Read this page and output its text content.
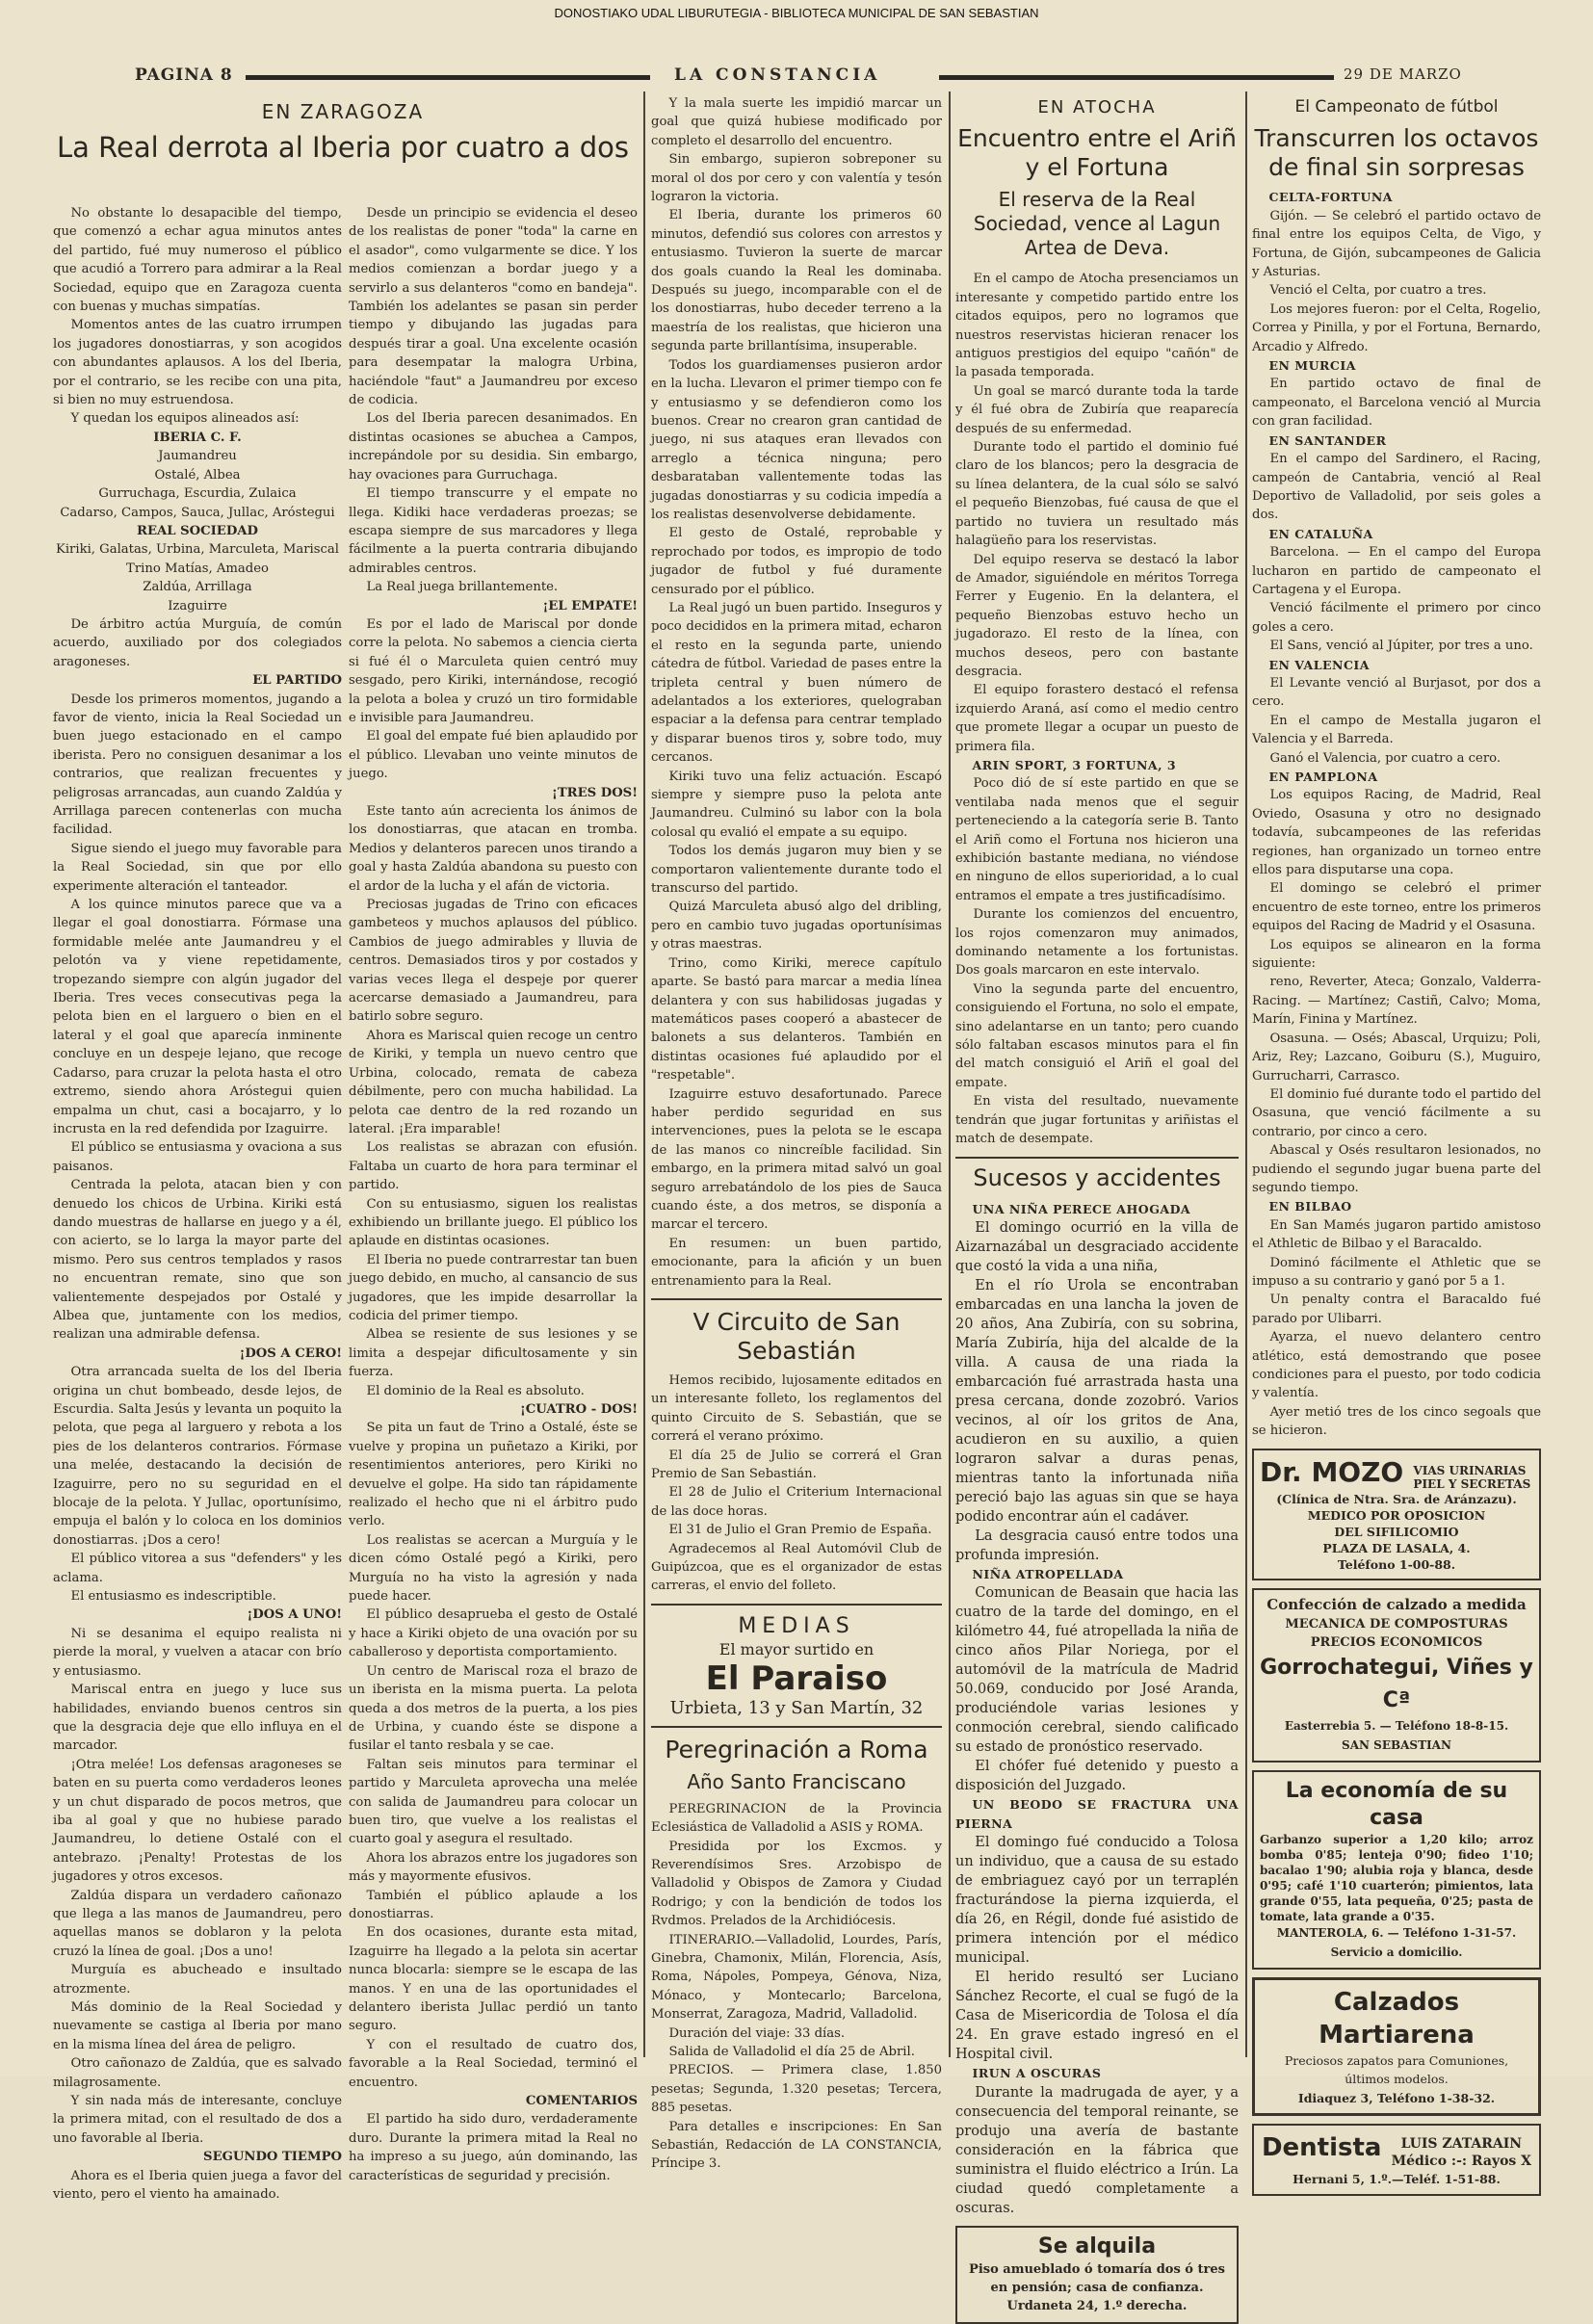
DONOSTIAKO UDAL LIBURUTEGIA - BIBLIOTECA MUNICIPAL DE SAN SEBASTIAN
PAGINA 8	LA CONSTANCIA	29 DE MARZO
EN ZARAGOZA
La Real derrota al Iberia por cuatro a dos

No obstante lo desapacible del tiempo, que comenzó a echar agua minutos antes del partido, fué muy numeroso el público que acudió a Torrero para admirar a la Real Sociedad, equipo que en Zaragoza cuenta con buenas y muchas simpatías.

Momentos antes de las cuatro irrumpen los jugadores donostiarras, y son acogidos con abundantes aplausos. A los del Iberia, por el contrario, se les recibe con una pita, si bien no muy estruendosa.

Y quedan los equipos alineados así:

IBERIA C. F.

Jaumandreu

Ostalé, Albea

Gurruchaga, Escurdia, Zulaica

Cadarso, Campos, Sauca, Jullac, Aróstegui

REAL SOCIEDAD

Kiriki, Galatas, Urbina, Marculeta, Mariscal

Trino Matías, Amadeo

Zaldúa, Arrillaga

Izaguirre

De árbitro actúa Murguía, de común acuerdo, auxiliado por dos colegiados aragoneses.

EL PARTIDO

Desde los primeros momentos, jugando a favor de viento, inicia la Real Sociedad un buen juego estacionado en el campo iberista. Pero no consiguen desanimar a los contrarios, que realizan frecuentes y peligrosas arrancadas, aun cuando Zaldúa y Arrillaga parecen contenerlas con mucha facilidad.

Sigue siendo el juego muy favorable para la Real Sociedad, sin que por ello experimente alteración el tanteador.

A los quince minutos parece que va a llegar el goal donostiarra. Fórmase una formidable melée ante Jaumandreu y el pelotón va y viene repetidamente, tropezando siempre con algún jugador del Iberia. Tres veces consecutivas pega la pelota bien en el larguero o bien en el lateral y el goal que aparecía inminente concluye en un despeje lejano, que recoge Cadarso, para cruzar la pelota hasta el otro extremo, siendo ahora Aróstegui quien empalma un chut, casi a bocajarro, y lo incrusta en la red defendida por Izaguirre.

El público se entusiasma y ovaciona a sus paisanos.

Centrada la pelota, atacan bien y con denuedo los chicos de Urbina. Kiriki está dando muestras de hallarse en juego y a él, con acierto, se lo larga la mayor parte del mismo. Pero sus centros templados y rasos no encuentran remate, sino que son valientemente despejados por Ostalé y Albea que, juntamente con los medios, realizan una admirable defensa.

¡DOS A CERO!

Otra arrancada suelta de los del Iberia origina un chut bombeado, desde lejos, de Escurdia. Salta Jesús y levanta un poquito la pelota, que pega al larguero y rebota a los pies de los delanteros contrarios. Fórmase una melée, destacando la decisión de Izaguirre, pero no su seguridad en el blocaje de la pelota. Y Jullac, oportunísimo, empuja el balón y lo coloca en los dominios donostiarras. ¡Dos a cero!

El público vitorea a sus "defenders" y les aclama.

El entusiasmo es indescriptible.

¡DOS A UNO!

Ni se desanima el equipo realista ni pierde la moral, y vuelven a atacar con brío y entusiasmo.

Mariscal entra en juego y luce sus habilidades, enviando buenos centros sin que la desgracia deje que ello influya en el marcador.

¡Otra melée! Los defensas aragoneses se baten en su puerta como verdaderos leones y un chut disparado de pocos metros, que iba al goal y que no hubiese parado Jaumandreu, lo detiene Ostalé con el antebrazo. ¡Penalty! Protestas de los jugadores y otros excesos.

Zaldúa dispara un verdadero cañonazo que llega a las manos de Jaumandreu, pero aquellas manos se doblaron y la pelota cruzó la línea de goal. ¡Dos a uno!

Murguía es abucheado e insultado atrozmente.

Más dominio de la Real Sociedad y nuevamente se castiga al Iberia por mano en la misma línea del área de peligro.

Otro cañonazo de Zaldúa, que es salvado milagrosamente.

Y sin nada más de interesante, concluye la primera mitad, con el resultado de dos a uno favorable al Iberia.

SEGUNDO TIEMPO

Ahora es el Iberia quien juega a favor del viento, pero el viento ha amainado.

Desde un principio se evidencia el deseo de los realistas de poner "toda" la carne en el asador", como vulgarmente se dice. Y los medios comienzan a bordar juego y a servirlo a sus delanteros "como en bandeja". También los adelantes se pasan sin perder tiempo y dibujando las jugadas para después tirar a goal. Una excelente ocasión para desempatar la malogra Urbina, haciéndole "faut" a Jaumandreu por exceso de codicia.

Los del Iberia parecen desanimados. En distintas ocasiones se abuchea a Campos, increpándole por su desidia. Sin embargo, hay ovaciones para Gurruchaga.

El tiempo transcurre y el empate no llega. Kidiki hace verdaderas proezas; se escapa siempre de sus marcadores y llega fácilmente a la puerta contraria dibujando admirables centros.

La Real juega brillantemente.

¡EL EMPATE!

Es por el lado de Mariscal por donde corre la pelota. No sabemos a ciencia cierta si fué él o Marculeta quien centró muy sesgado, pero Kiriki, internándose, recogió la pelota a bolea y cruzó un tiro formidable e invisible para Jaumandreu.

El goal del empate fué bien aplaudido por el público. Llevaban uno veinte minutos de juego.

¡TRES DOS!

Este tanto aún acrecienta los ánimos de los donostiarras, que atacan en tromba. Medios y delanteros parecen unos tirando a goal y hasta Zaldúa abandona su puesto con el ardor de la lucha y el afán de victoria.

Preciosas jugadas de Trino con eficaces gambeteos y muchos aplausos del público. Cambios de juego admirables y lluvia de centros. Demasiados tiros y por costados y varias veces llega el despeje por querer acercarse demasiado a Jaumandreu, para batirlo sobre seguro.

Ahora es Mariscal quien recoge un centro de Kiriki, y templa un nuevo centro que Urbina, colocado, remata de cabeza débilmente, pero con mucha habilidad. La pelota cae dentro de la red rozando un lateral. ¡Era imparable!

Los realistas se abrazan con efusión. Faltaba un cuarto de hora para terminar el partido.

Con su entusiasmo, siguen los realistas exhibiendo un brillante juego. El público los aplaude en distintas ocasiones.

El Iberia no puede contrarrestar tan buen juego debido, en mucho, al cansancio de sus jugadores, que les impide desarrollar la codicia del primer tiempo.

Albea se resiente de sus lesiones y se limita a despejar dificultosamente y sin fuerza.

El dominio de la Real es absoluto.

¡CUATRO - DOS!

Se pita un faut de Trino a Ostalé, éste se vuelve y propina un puñetazo a Kiriki, por resentimientos anteriores, pero Kiriki no devuelve el golpe. Ha sido tan rápidamente realizado el hecho que ni el árbitro pudo verlo.

Los realistas se acercan a Murguía y le dicen cómo Ostalé pegó a Kiriki, pero Murguía no ha visto la agresión y nada puede hacer.

El público desaprueba el gesto de Ostalé y hace a Kiriki objeto de una ovación por su caballeroso y deportista comportamiento.

Un centro de Mariscal roza el brazo de un iberista en la misma puerta. La pelota queda a dos metros de la puerta, a los pies de Urbina, y cuando éste se dispone a fusilar el tanto resbala y se cae.

Faltan seis minutos para terminar el partido y Marculeta aprovecha una melée con salida de Jaumandreu para colocar un buen tiro, que vuelve a los realistas el cuarto goal y asegura el resultado.

Ahora los abrazos entre los jugadores son más y mayormente efusivos.

También el público aplaude a los donostiarras.

En dos ocasiones, durante esta mitad, Izaguirre ha llegado a la pelota sin acertar nunca blocarla: siempre se le escapa de las manos. Y en una de las oportunidades el delantero iberista Jullac perdió un tanto seguro.

Y con el resultado de cuatro dos, favorable a la Real Sociedad, terminó el encuentro.

COMENTARIOS

El partido ha sido duro, verdaderamente duro. Durante la primera mitad la Real no ha impreso a su juego, aún dominando, las características de seguridad y precisión.

Y la mala suerte les impidió marcar un goal que quizá hubiese modificado por completo el desarrollo del encuentro.

Sin embargo, supieron sobreponer su moral ol dos por cero y con valentía y tesón lograron la victoria.

El Iberia, durante los primeros 60 minutos, defendió sus colores con arrestos y entusiasmo. Tuvieron la suerte de marcar dos goals cuando la Real les dominaba. Después su juego, incomparable con el de los donostiarras, hubo deceder terreno a la maestría de los realistas, que hicieron una segunda parte brillantísima, insuperable.

Todos los guardiamenses pusieron ardor en la lucha. Llevaron el primer tiempo con fe y entusiasmo y se defendieron como los buenos. Crear no crearon gran cantidad de juego, ni sus ataques eran llevados con arreglo a técnica ninguna; pero desbarataban vallentemente todas las jugadas donostiarras y su codicia impedía a los realistas desenvolverse debidamente.

El gesto de Ostalé, reprobable y reprochado por todos, es impropio de todo jugador de futbol y fué duramente censurado por el público.

La Real jugó un buen partido. Inseguros y poco decididos en la primera mitad, echaron el resto en la segunda parte, uniendo cátedra de fútbol. Variedad de pases entre la tripleta central y buen número de adelantados a los exteriores, quelograban espaciar a la defensa para centrar templado y disparar buenos tiros y, sobre todo, muy cercanos.

Kiriki tuvo una feliz actuación. Escapó siempre y siempre puso la pelota ante Jaumandreu. Culminó su labor con la bola colosal qu evalió el empate a su equipo.

Todos los demás jugaron muy bien y se comportaron valientemente durante todo el transcurso del partido.

Quizá Marculeta abusó algo del dribling, pero en cambio tuvo jugadas oportunísimas y otras maestras.

Trino, como Kiriki, merece capítulo aparte. Se bastó para marcar a media línea delantera y con sus habilidosas jugadas y matemáticos pases cooperó a abastecer de balonets a sus delanteros. También en distintas ocasiones fué aplaudido por el "respetable".

Izaguirre estuvo desafortunado. Parece haber perdido seguridad en sus intervenciones, pues la pelota se le escapa de las manos co nincreíble facilidad. Sin embargo, en la primera mitad salvó un goal seguro arrebatándolo de los pies de Sauca cuando éste, a dos metros, se disponía a marcar el tercero.

En resumen: un buen partido, emocionante, para la afición y un buen entrenamiento para la Real.

V Circuito de San Sebastián

Hemos recibido, lujosamente editados en un interesante folleto, los reglamentos del quinto Circuito de S. Sebastián, que se correrá el verano próximo.

El día 25 de Julio se correrá el Gran Premio de San Sebastián.

El 28 de Julio el Criterium Internacional de las doce horas.

El 31 de Julio el Gran Premio de España.

Agradecemos al Real Automóvil Club de Guipúzcoa, que es el organizador de estas carreras, el envio del folleto.

MEDIAS
El mayor surtido en
El Paraiso
Urbieta, 13 y San Martín, 32
Peregrinación a Roma
Año Santo Franciscano

PEREGRINACION de la Provincia Eclesiástica de Valladolid a ASIS y ROMA.

Presidida por los Excmos. y Reverendísimos Sres. Arzobispo de Valladolid y Obispos de Zamora y Ciudad Rodrigo; y con la bendición de todos los Rvdmos. Prelados de la Archidiócesis.

ITINERARIO.—Valladolid, Lourdes, París, Ginebra, Chamonix, Milán, Florencia, Asís, Roma, Nápoles, Pompeya, Génova, Niza, Mónaco, y Montecarlo; Barcelona, Monserrat, Zaragoza, Madrid, Valladolid.

Duración del viaje: 33 días.

Salida de Valladolid el día 25 de Abril.

PRECIOS. — Primera clase, 1.850 pesetas; Segunda, 1.320 pesetas; Tercera, 885 pesetas.

Para detalles e inscripciones: En San Sebastián, Redacción de LA CONSTANCIA, Príncipe 3.

EN ATOCHA
Encuentro entre el Ariñ y el Fortuna
El reserva de la Real Sociedad, vence al Lagun Artea de Deva.

En el campo de Atocha presenciamos un interesante y competido partido entre los citados equipos, pero no logramos que nuestros reservistas hicieran renacer los antiguos prestigios del equipo "cañón" de la pasada temporada.

Un goal se marcó durante toda la tarde y él fué obra de Zubiría que reaparecía después de su enfermedad.

Durante todo el partido el dominio fué claro de los blancos; pero la desgracia de su línea delantera, de la cual sólo se salvó el pequeño Bienzobas, fué causa de que el partido no tuviera un resultado más halagüeño para los reservistas.

Del equipo reserva se destacó la labor de Amador, siguiéndole en méritos Torrega Ferrer y Eugenio. En la delantera, el pequeño Bienzobas estuvo hecho un jugadorazo. El resto de la línea, con muchos deseos, pero con bastante desgracia.

El equipo forastero destacó el refensa izquierdo Araná, así como el medio centro que promete llegar a ocupar un puesto de primera fila.

ARIN SPORT, 3 FORTUNA, 3

Poco dió de sí este partido en que se ventilaba nada menos que el seguir perteneciendo a la categoría serie B. Tanto el Ariñ como el Fortuna nos hicieron una exhibición bastante mediana, no viéndose en ninguno de ellos superioridad, a lo cual entramos el empate a tres justificadísimo.

Durante los comienzos del encuentro, los rojos comenzaron muy animados, dominando netamente a los fortunistas. Dos goals marcaron en este intervalo.

Vino la segunda parte del encuentro, consiguiendo el Fortuna, no solo el empate, sino adelantarse en un tanto; pero cuando sólo faltaban escasos minutos para el fin del match consiguió el Ariñ el goal del empate.

En vista del resultado, nuevamente tendrán que jugar fortunitas y ariñistas el match de desempate.

Sucesos y accidentes

UNA NIÑA PERECE AHOGADA

El domingo ocurrió en la villa de Aizarnazábal un desgraciado accidente que costó la vida a una niña,

En el río Urola se encontraban embarcadas en una lancha la joven de 20 años, Ana Zubiría, con su sobrina, María Zubiría, hija del alcalde de la villa. A causa de una riada la embarcación fué arrastrada hasta una presa cercana, donde zozobró. Varios vecinos, al oír los gritos de Ana, acudieron en su auxilio, a quien lograron salvar a duras penas, mientras tanto la infortunada niña pereció bajo las aguas sin que se haya podido encontrar aún el cadáver.

La desgracia causó entre todos una profunda impresión.

NIÑA ATROPELLADA

Comunican de Beasain que hacia las cuatro de la tarde del domingo, en el kilómetro 44, fué atropellada la niña de cinco años Pilar Noriega, por el automóvil de la matrícula de Madrid 50.069, conducido por José Aranda, produciéndole varias lesiones y conmoción cerebral, siendo calificado su estado de pronóstico reservado.

El chófer fué detenido y puesto a disposición del Juzgado.

UN BEODO SE FRACTURA UNA PIERNA

El domingo fué conducido a Tolosa un individuo, que a causa de su estado de embriaguez cayó por un terraplén fracturándose la pierna izquierda, el día 26, en Régil, donde fué asistido de primera intención por el médico municipal.

El herido resultó ser Luciano Sánchez Recorte, el cual se fugó de la Casa de Misericordia de Tolosa el día 24. En grave estado ingresó en el Hospital civil.

IRUN A OSCURAS

Durante la madrugada de ayer, y a consecuencia del temporal reinante, se produjo una avería de bastante consideración en la fábrica que suministra el fluido eléctrico a Irún. La ciudad quedó completamente a oscuras.

Se alquila
Piso amueblado ó tomaría dos ó tres en pensión; casa de confianza. Urdaneta 24, 1.º derecha.
El Campeonato de fútbol
Transcurren los octavos de final sin sorpresas

CELTA-FORTUNA

Gijón. — Se celebró el partido octavo de final entre los equipos Celta, de Vigo, y Fortuna, de Gijón, subcampeones de Galicia y Asturias.

Venció el Celta, por cuatro a tres.

Los mejores fueron: por el Celta, Rogelio, Correa y Pinilla, y por el Fortuna, Bernardo, Arcadio y Alfredo.

EN MURCIA

En partido octavo de final de campeonato, el Barcelona venció al Murcia con gran facilidad.

EN SANTANDER

En el campo del Sardinero, el Racing, campeón de Cantabria, venció al Real Deportivo de Valladolid, por seis goles a dos.

EN CATALUÑA

Barcelona. — En el campo del Europa lucharon en partido de campeonato el Cartagena y el Europa.

Venció fácilmente el primero por cinco goles a cero.

El Sans, venció al Júpiter, por tres a uno.

EN VALENCIA

El Levante venció al Burjasot, por dos a cero.

En el campo de Mestalla jugaron el Valencia y el Barreda.

Ganó el Valencia, por cuatro a cero.

EN PAMPLONA

Los equipos Racing, de Madrid, Real Oviedo, Osasuna y otro no designado todavía, subcampeones de las referidas regiones, han organizado un torneo entre ellos para disputarse una copa.

El domingo se celebró el primer encuentro de este torneo, entre los primeros equipos del Racing de Madrid y el Osasuna.

Los equipos se alinearon en la forma siguiente:

reno, Reverter, Ateca; Gonzalo, Valderra-Racing. — Martínez; Castiñ, Calvo; Moma, Marín, Finina y Martínez.

Osasuna. — Osés; Abascal, Urquizu; Poli, Ariz, Rey; Lazcano, Goiburu (S.), Muguiro, Gurrucharri, Carrasco.

El dominio fué durante todo el partido del Osasuna, que venció fácilmente a su contrario, por cinco a cero.

Abascal y Osés resultaron lesionados, no pudiendo el segundo jugar buena parte del segundo tiempo.

EN BILBAO

En San Mamés jugaron partido amistoso el Athletic de Bilbao y el Baracaldo.

Dominó fácilmente el Athletic que se impuso a su contrario y ganó por 5 a 1.

Un penalty contra el Baracaldo fué parado por Ulibarri.

Ayarza, el nuevo delantero centro atlético, está demostrando que posee condiciones para el puesto, por todo codicia y valentía.

Ayer metió tres de los cinco segoals que se hicieron.

Dr. MOZO VIAS URINARIAS
PIEL Y SECRETAS
(Clínica de Ntra. Sra. de Aránzazu).
MEDICO POR OPOSICION
DEL SIFILICOMIO
PLAZA DE LASALA, 4.
Teléfono 1-00-88.
Confección de calzado a medida
MECANICA DE COMPOSTURAS
PRECIOS ECONOMICOS
Gorrochategui, Viñes y Cª
Easterrebia 5. — Teléfono 18-8-15.
SAN SEBASTIAN
La economía de su casa
Garbanzo superior a 1,20 kilo; arroz bomba 0'85; lenteja 0'90; fideo 1'10; bacalao 1'90; alubia roja y blanca, desde 0'95; café 1'10 cuarterón; pimientos, lata grande 0'55, lata pequeña, 0'25; pasta de tomate, lata grande a 0'35.
MANTEROLA, 6. — Teléfono 1-31-57.
Servicio a domicilio.
Calzados Martiarena
Preciosos zapatos para Comuniones, últimos modelos.
Idiaquez 3, Teléfono 1-38-32.
Dentista LUIS ZATARAIN
Médico :-: Rayos X
Hernani 5, 1.º.—Teléf. 1-51-88.
